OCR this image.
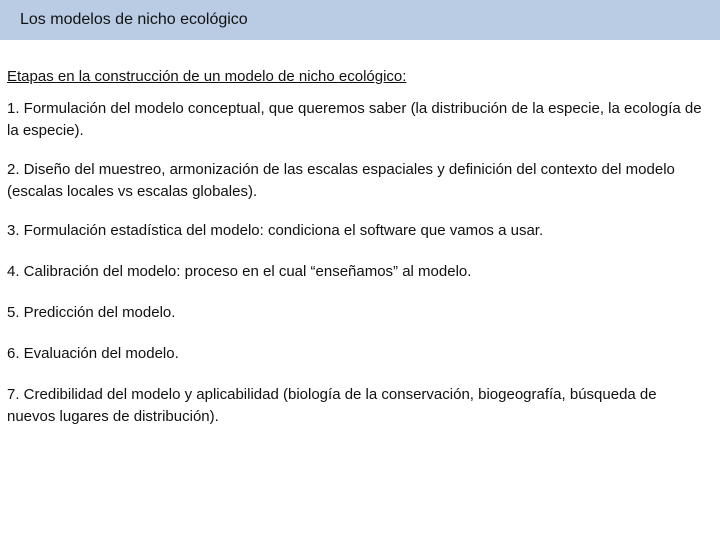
Los modelos de nicho ecológico
Etapas en la construcción de un modelo de nicho ecológico:
1. Formulación del modelo conceptual, que queremos saber (la distribución de la especie, la ecología de la especie).
2. Diseño del muestreo, armonización de las escalas espaciales y definición del contexto del modelo (escalas locales vs escalas globales).
3. Formulación estadística del modelo: condiciona el software que vamos a usar.
4. Calibración del modelo: proceso en el cual “enseñamos” al modelo.
5. Predicción del modelo.
6. Evaluación del modelo.
7. Credibilidad del modelo y aplicabilidad (biología de la conservación, biogeografía, búsqueda de nuevos lugares de distribución).
